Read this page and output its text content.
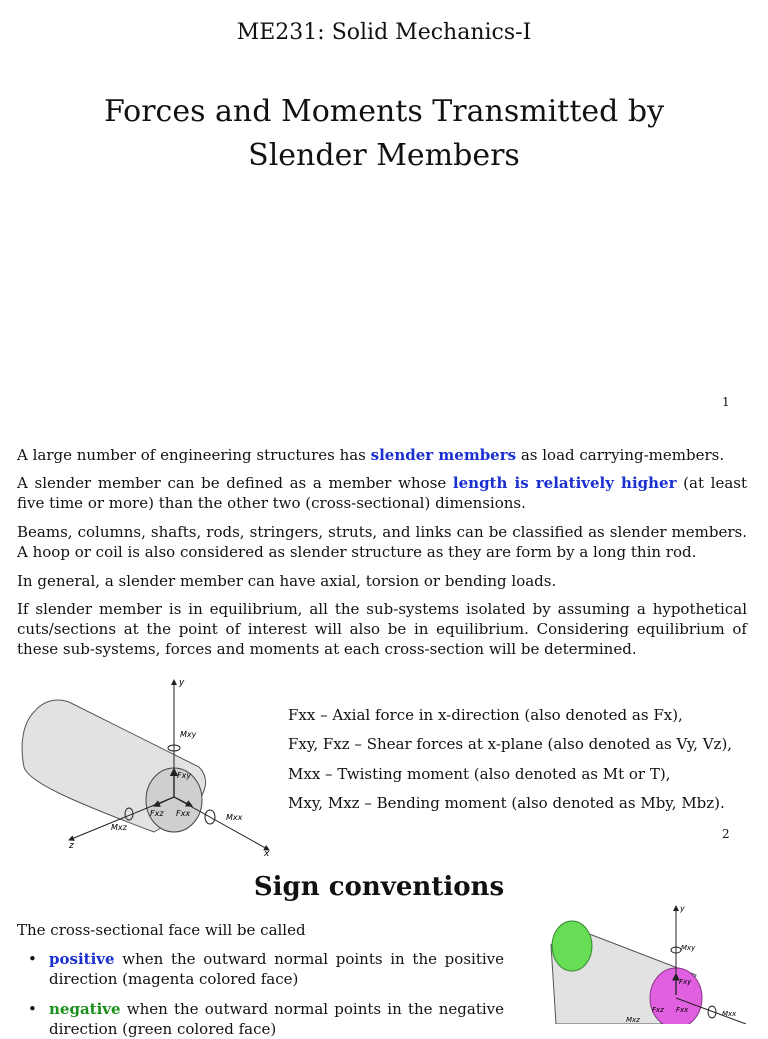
ME231: Solid Mechanics-I
Forces and Moments Transmitted by
Slender Members
1
A large number of engineering structures has slender members as load carrying-members.
A slender member can be defined as a member whose length is relatively higher (at least five time or more) than the other two (cross-sectional) dimensions.
Beams, columns, shafts, rods, stringers, struts, and links can be classified as slender members. A hoop or coil is also considered as slender structure as they are form by a long thin rod.
In general, a slender member can have axial, torsion or bending loads.
If slender member is in equilibrium, all the sub-systems isolated by assuming a hypothetical cuts/sections at the point of interest will also be in equilibrium. Considering equilibrium of these sub-systems, forces and moments at each cross-section will be determined.
y
Mxy
Fxy
Fxz Fxx
z
Mxz
x
Mxx
Fxx – Axial force in x-direction (also denoted as Fx),
Fxy, Fxz – Shear forces at x-plane (also denoted as Vy, Vz),
Mxx – Twisting moment (also denoted as Mt or T),
Mxy, Mxz – Bending moment (also denoted as Mby, Mbz).
2
Sign conventions
The cross-sectional face will be called
• positive when the outward normal points in the positive direction (magenta colored face)
• negative when the outward normal points in the negative direction (green colored face)
y
Mxy
Fxy
Fxz Fxx	Mxx
Mxz
